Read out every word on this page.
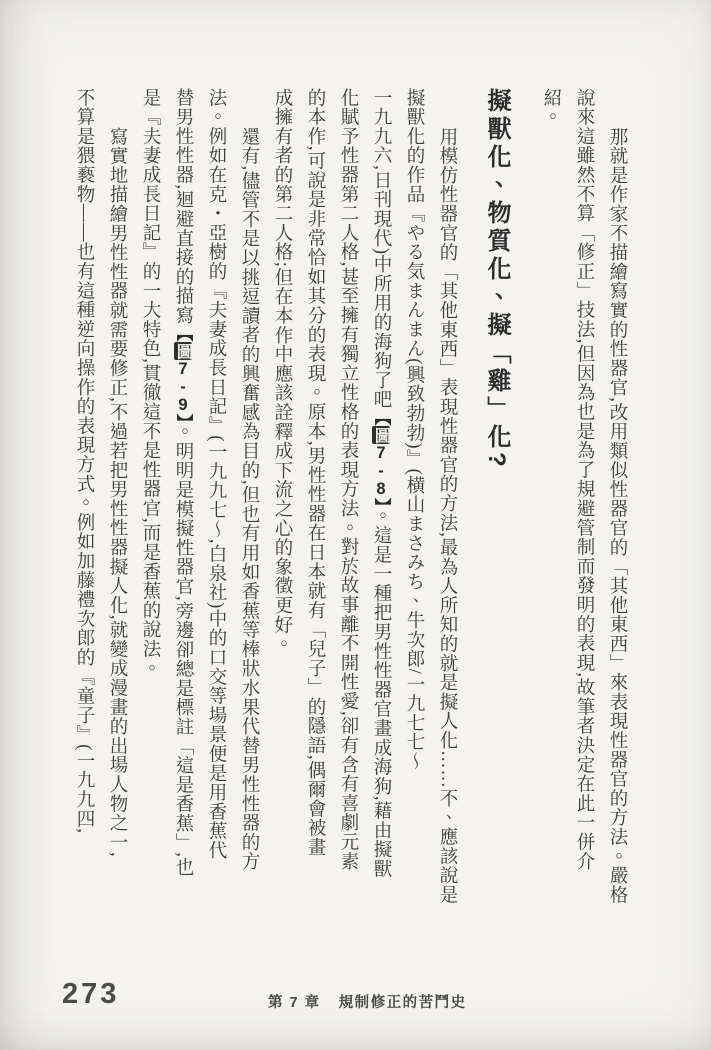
那就是作家不描繪寫實的性器官,改用類似性器官的「其他東西」來表現性器官的方法。嚴格
說來這雖然不算「修正」技法,但因為也是為了規避管制而發明的表現,故筆者決定在此一併介
紹。
擬獸化、物質化、擬「雞」化?
用模仿性器官的「其他東西」表現性器官的方法,最為人所知的就是擬人化……不、應該說是
擬獸化的作品『やる気まんまん(興致勃勃)』(横山まさみち、牛次郎/一九七七〜
一九九六,日刊現代)中所用的海狗了吧【圖7-8】。這是一種把男性性器官畫成海狗,藉由擬獸
化賦予性器第二人格,甚至擁有獨立性格的表現方法。對於故事離不開性愛,卻有含有喜劇元素
的本作,可說是非常恰如其分的表現。原本,男性性器在日本就有「兒子」的隱語,偶爾會被畫
成擁有者的第二人格;但在本作中應該詮釋成下流之心的象徵更好。
還有,儘管不是以挑逗讀者的興奮感為目的,但也有用如香蕉等棒狀水果代替男性性器的方
法。例如在克・亞樹的『夫妻成長日記』(一九九七〜,白泉社)中的口交等場景便是用香蕉代
替男性性器,迴避直接的描寫【圖7-9】。明明是模擬性器官,旁邊卻總是標註「這是香蕉」,也
是『夫妻成長日記』的一大特色,貫徹這不是性器官,而是香蕉的說法。
寫實地描繪男性性器就需要修正,不過若把男性性器擬人化,就變成漫畫的出場人物之一,
不算是猥褻物——也有這種逆向操作的表現方式。例如加藤禮次郎的『童子』(一九九四,
273	第 7 章 規制修正的苦鬥史
